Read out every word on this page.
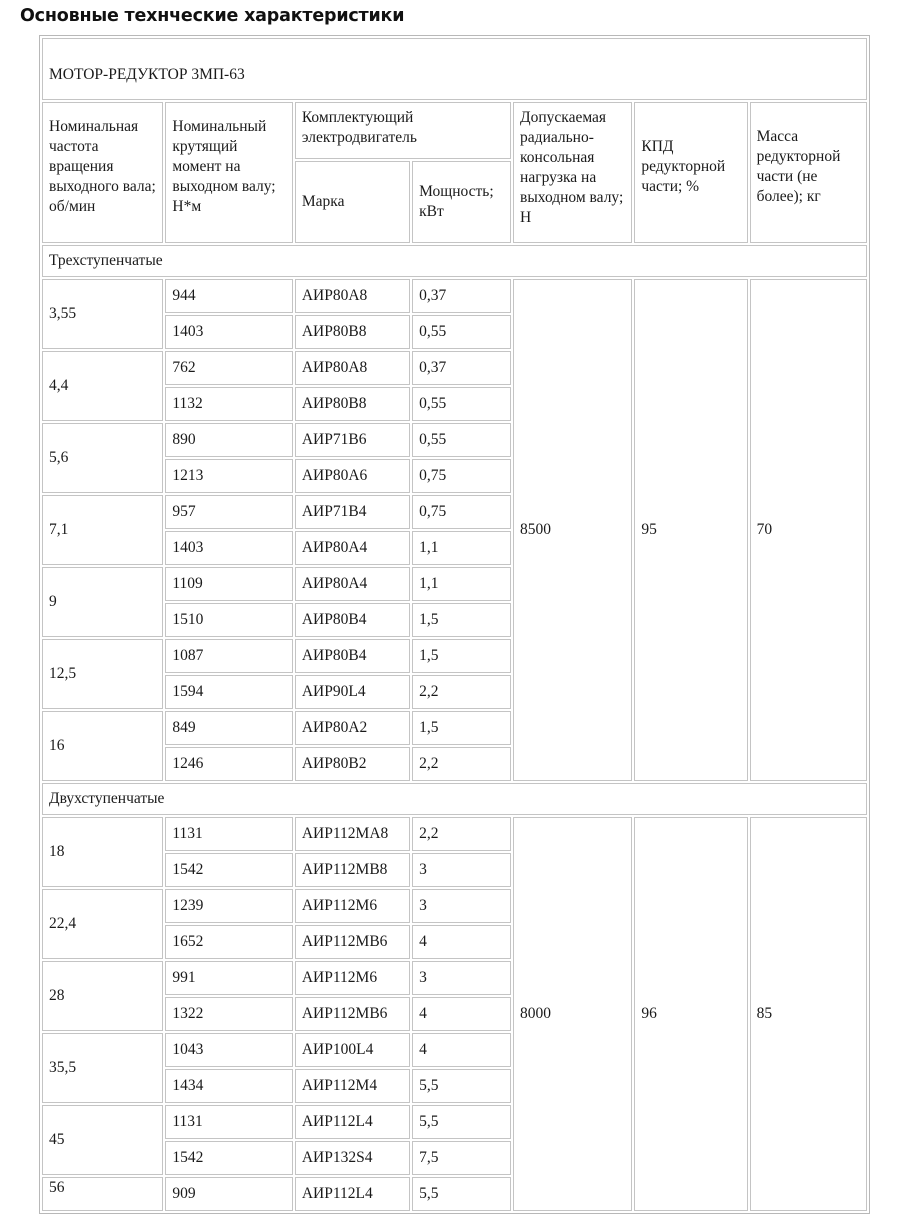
Основные технческие характеристики
МОТОР-РЕДУКТОР 3МП-63						
Номинальная частота вращения выходного вала; об/мин	Номинальный крутящий момент на выходном валу; Н*м	Комплектующий электродвигатель		Допускаемая радиально-консольная нагрузка на выходном валу; Н	КПД редукторной части; %	Масса редукторной части (не более); кг
		Марка	Мощность; кВт			
Трехступенчатые						
3,55	944	АИР80А8	0,37	8500	95	70
	1403	АИР80В8	0,55			
4,4	762	АИР80А8	0,37			
	1132	АИР80В8	0,55			
5,6	890	АИР71В6	0,55			
	1213	АИР80А6	0,75			
7,1	957	АИР71В4	0,75			
	1403	АИР80А4	1,1			
9	1109	АИР80А4	1,1			
	1510	АИР80В4	1,5			
12,5	1087	АИР80В4	1,5			
	1594	АИР90L4	2,2			
16	849	АИР80А2	1,5			
	1246	АИР80В2	2,2			
Двухступенчатые						
18	1131	АИР112МА8	2,2	8000	96	85
	1542	АИР112МВ8	3			
22,4	1239	АИР112М6	3			
	1652	АИР112МВ6	4			
28	991	АИР112М6	3			
	1322	АИР112МВ6	4			
35,5	1043	АИР100L4	4			
	1434	АИР112М4	5,5			
45	1131	АИР112L4	5,5			
	1542	АИР132S4	7,5			
56	909	АИР112L4	5,5			
